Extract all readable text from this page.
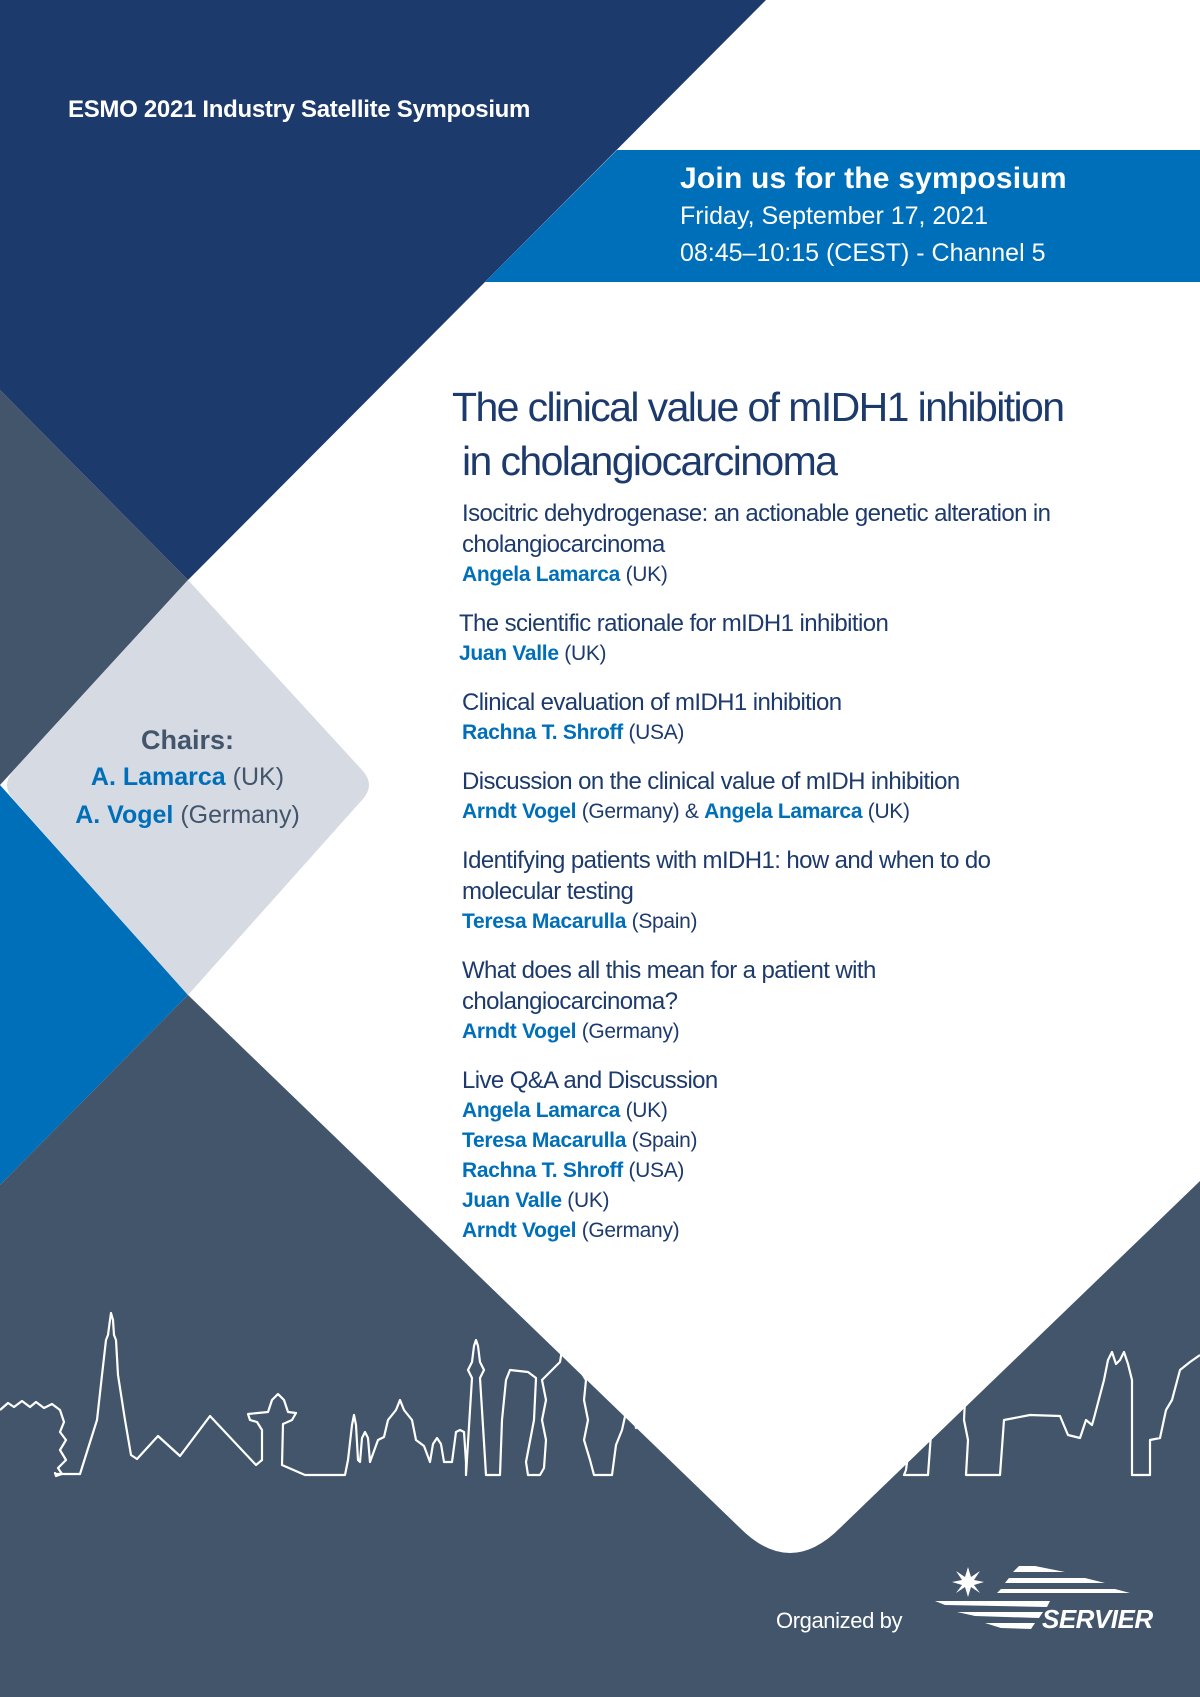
ESMO 2021 Industry Satellite Symposium
Join us for the symposium
Friday, September 17, 2021
08:45–10:15 (CEST) - Channel 5
The clinical value of mIDH1 inhibition
in cholangiocarcinoma
Chairs:
A. Lamarca (UK)
A. Vogel (Germany)
Isocitric dehydrogenase: an actionable genetic alteration in
cholangiocarcinoma
Angela Lamarca (UK)
The scientific rationale for mIDH1 inhibition
Juan Valle (UK)
Clinical evaluation of mIDH1 inhibition
Rachna T. Shroff (USA)
Discussion on the clinical value of mIDH inhibition
Arndt Vogel (Germany) & Angela Lamarca (UK)
Identifying patients with mIDH1: how and when to do
molecular testing
Teresa Macarulla (Spain)
What does all this mean for a patient with
cholangiocarcinoma?
Arndt Vogel (Germany)
Live Q&A and Discussion
Angela Lamarca (UK)
Teresa Macarulla (Spain)
Rachna T. Shroff (USA)
Juan Valle (UK)
Arndt Vogel (Germany)
Organized by	SERVIER
